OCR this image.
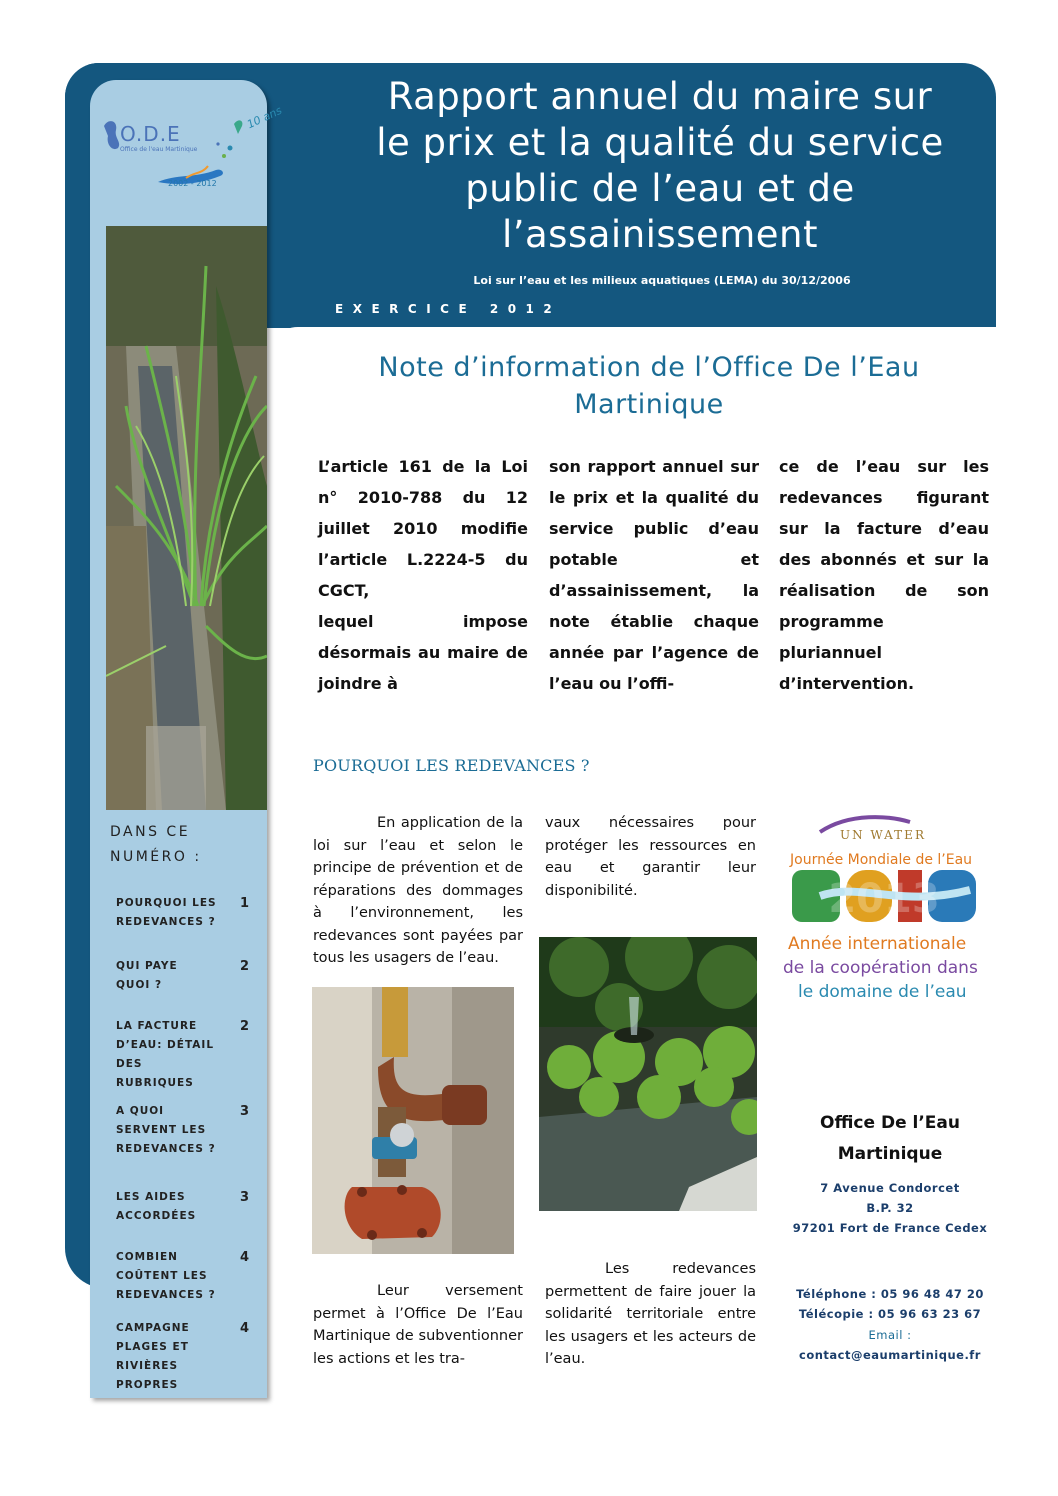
Rapport annuel du maire sur
le prix et la qualité du service
public de l’eau et de
l’assainissement
Loi sur l’eau et les milieux aquatiques (LEMA) du 30/12/2006
EXERCICE 2012
O.D.E
Office de l'eau Martinique
2002 - 2012
10 ans
DANS CE NUMÉRO :
POURQUOI LES REDEVANCES ?
1
QUI PAYE QUOI ?
2
LA FACTURE D’EAU: DÉTAIL DES RUBRIQUES
2
A QUOI SERVENT LES REDEVANCES ?
3
LES AIDES ACCORDÉES
3
COMBIEN COÛTENT LES REDEVANCES ?
4
CAMPAGNE PLAGES ET RIVIÈRES PROPRES
4
Note d’information de l’Office De l’Eau
Martinique
L’article 161 de la Loi n° 2010-788 du 12 juillet 2010 modifie l’article L.2224-5 du CGCT,
lequel impose désormais au maire de joindre à
son rapport annuel sur le prix et la qualité du service public d’eau potable et d’assainissement, la note établie chaque année par l’agence de l’eau ou l’offi-
ce de l’eau sur les redevances figurant sur la facture d’eau des abonnés et sur la réalisation de son programme pluriannuel d’intervention.
POURQUOI LES REDEVANCES ?
En application de la loi sur l’eau et selon le principe de prévention et de réparations des dommages à l’environnement, les redevances sont payées par tous les usagers de l’eau.
vaux nécessaires pour protéger les ressources en eau et garantir leur disponibilité.
Leur versement permet à l’Office De l’Eau Martinique de subventionner les actions et les tra-
Les redevances permettent de faire jouer la solidarité territoriale entre les usagers et les acteurs de l’eau.
UN WATER
Journée Mondiale de l’Eau
2013
Année internationale
de la coopération dans
le domaine de l’eau
Office De l’Eau Martinique
7 Avenue Condorcet
B.P. 32
97201 Fort de France Cedex
Téléphone : 05 96 48 47 20
Télécopie : 05 96 63 23 67
Email :
contact@eaumartinique.fr
